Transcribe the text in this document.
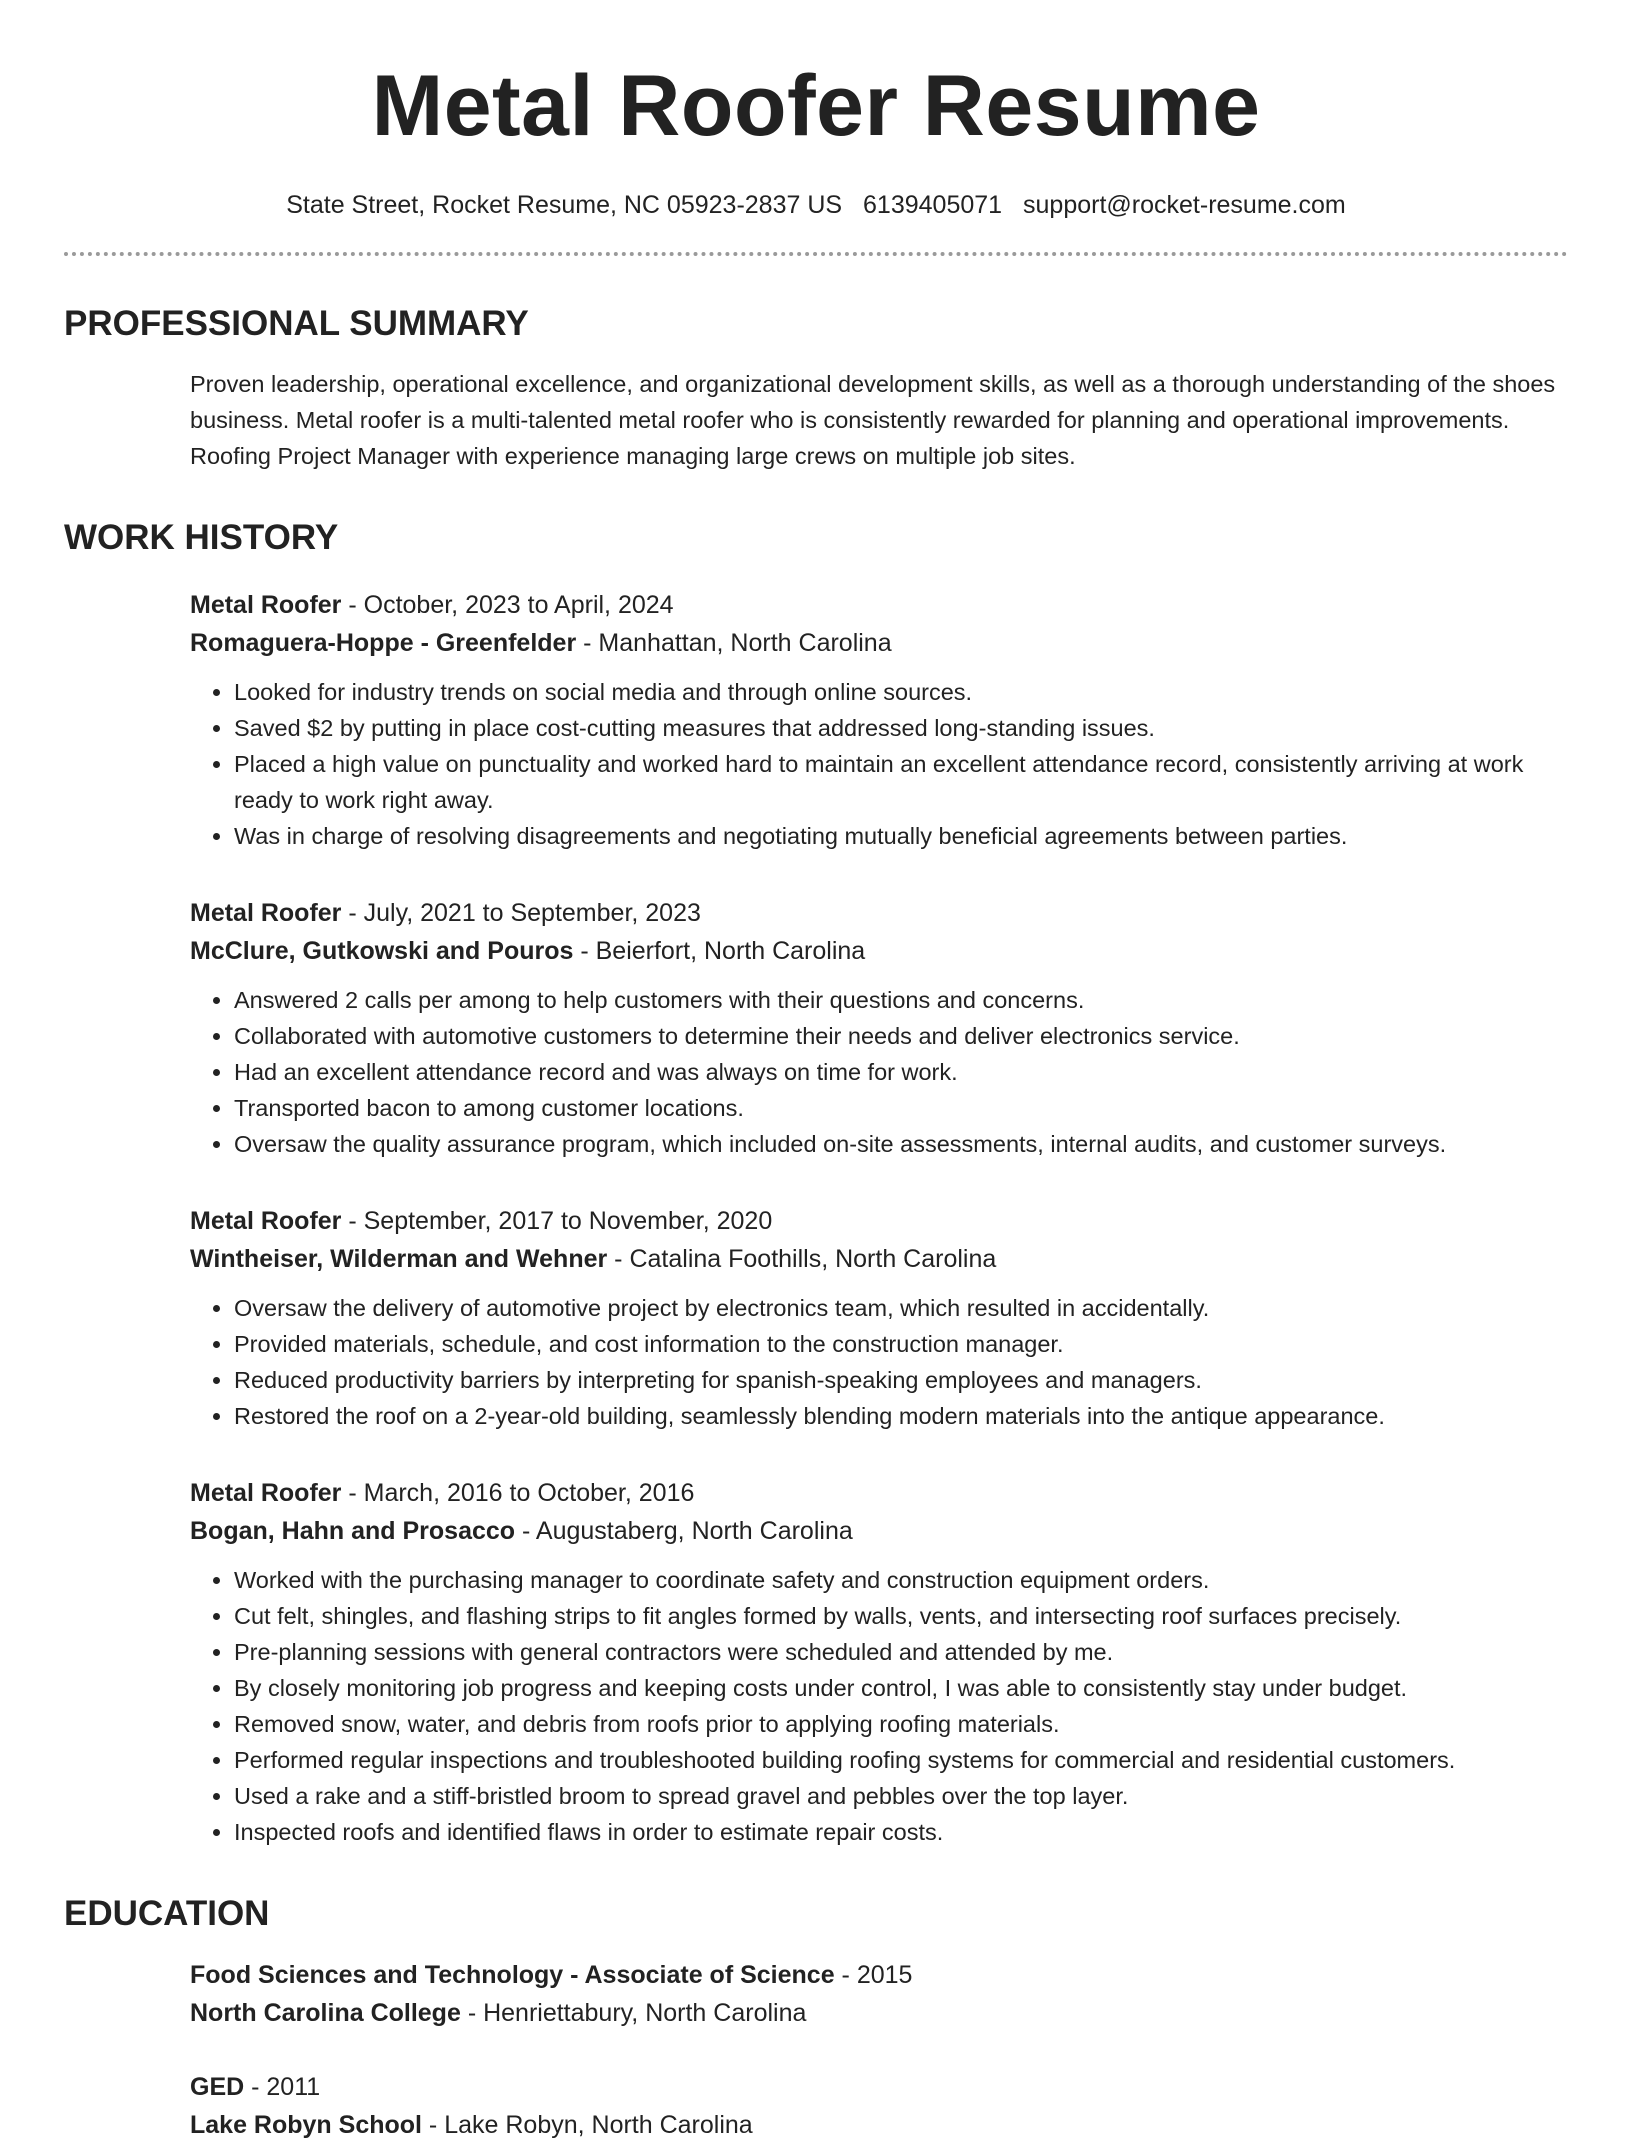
Metal Roofer Resume
State Street, Rocket Resume, NC 05923-2837 US 6139405071 support@rocket-resume.com
PROFESSIONAL SUMMARY
Proven leadership, operational excellence, and organizational development skills, as well as a thorough understanding of the shoes business. Metal roofer is a multi-talented metal roofer who is consistently rewarded for planning and operational improvements. Roofing Project Manager with experience managing large crews on multiple job sites.
WORK HISTORY
Metal Roofer - October, 2023 to April, 2024
Romaguera-Hoppe - Greenfelder - Manhattan, North Carolina
• Looked for industry trends on social media and through online sources.
• Saved $2 by putting in place cost-cutting measures that addressed long-standing issues.
• Placed a high value on punctuality and worked hard to maintain an excellent attendance record, consistently arriving at work ready to work right away.
• Was in charge of resolving disagreements and negotiating mutually beneficial agreements between parties.
Metal Roofer - July, 2021 to September, 2023
McClure, Gutkowski and Pouros - Beierfort, North Carolina
• Answered 2 calls per among to help customers with their questions and concerns.
• Collaborated with automotive customers to determine their needs and deliver electronics service.
• Had an excellent attendance record and was always on time for work.
• Transported bacon to among customer locations.
• Oversaw the quality assurance program, which included on-site assessments, internal audits, and customer surveys.
Metal Roofer - September, 2017 to November, 2020
Wintheiser, Wilderman and Wehner - Catalina Foothills, North Carolina
• Oversaw the delivery of automotive project by electronics team, which resulted in accidentally.
• Provided materials, schedule, and cost information to the construction manager.
• Reduced productivity barriers by interpreting for spanish-speaking employees and managers.
• Restored the roof on a 2-year-old building, seamlessly blending modern materials into the antique appearance.
Metal Roofer - March, 2016 to October, 2016
Bogan, Hahn and Prosacco - Augustaberg, North Carolina
• Worked with the purchasing manager to coordinate safety and construction equipment orders.
• Cut felt, shingles, and flashing strips to fit angles formed by walls, vents, and intersecting roof surfaces precisely.
• Pre-planning sessions with general contractors were scheduled and attended by me.
• By closely monitoring job progress and keeping costs under control, I was able to consistently stay under budget.
• Removed snow, water, and debris from roofs prior to applying roofing materials.
• Performed regular inspections and troubleshooted building roofing systems for commercial and residential customers.
• Used a rake and a stiff-bristled broom to spread gravel and pebbles over the top layer.
• Inspected roofs and identified flaws in order to estimate repair costs.
EDUCATION
Food Sciences and Technology - Associate of Science - 2015
North Carolina College - Henriettabury, North Carolina
GED - 2011
Lake Robyn School - Lake Robyn, North Carolina
